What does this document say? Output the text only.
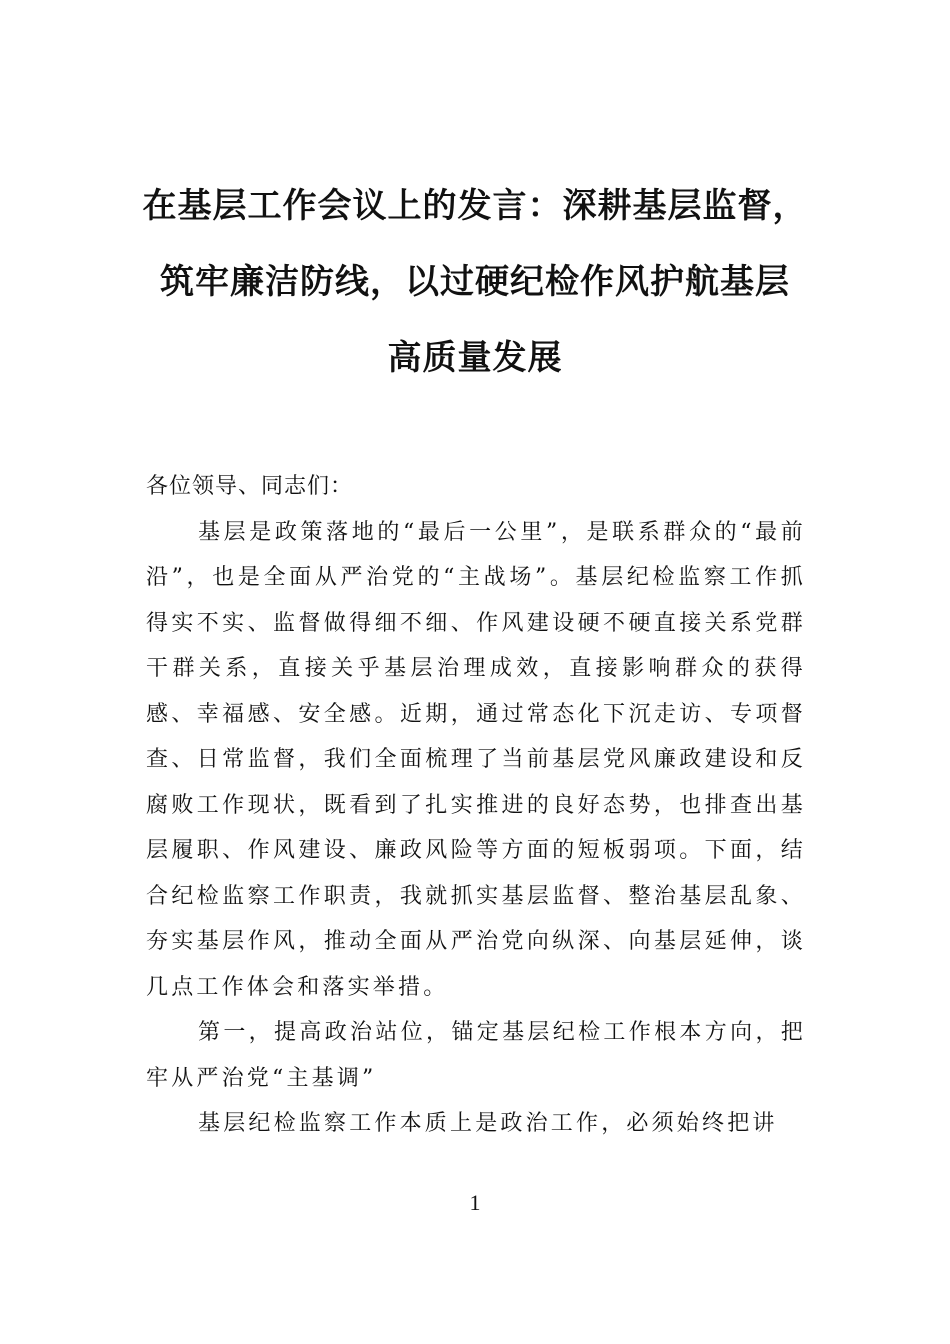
在基层工作会议上的发言：深耕基层监督，
筑牢廉洁防线，以过硬纪检作风护航基层
高质量发展

各位领导、同志们：

基层是政策落地的“最后一公里”，是联系群众的“最前沿”，也是全面从严治党的“主战场”。基层纪检监察工作抓得实不实、监督做得细不细、作风建设硬不硬直接关系党群干群关系，直接关乎基层治理成效，直接影响群众的获得感、幸福感、安全感。近期，通过常态化下沉走访、专项督查、日常监督，我们全面梳理了当前基层党风廉政建设和反腐败工作现状，既看到了扎实推进的良好态势，也排查出基层履职、作风建设、廉政风险等方面的短板弱项。下面，结合纪检监察工作职责，我就抓实基层监督、整治基层乱象、夯实基层作风，推动全面从严治党向纵深、向基层延伸，谈几点工作体会和落实举措。

第一，提高政治站位，锚定基层纪检工作根本方向，把牢从严治党“主基调”

基层纪检监察工作本质上是政治工作，必须始终把讲

1
